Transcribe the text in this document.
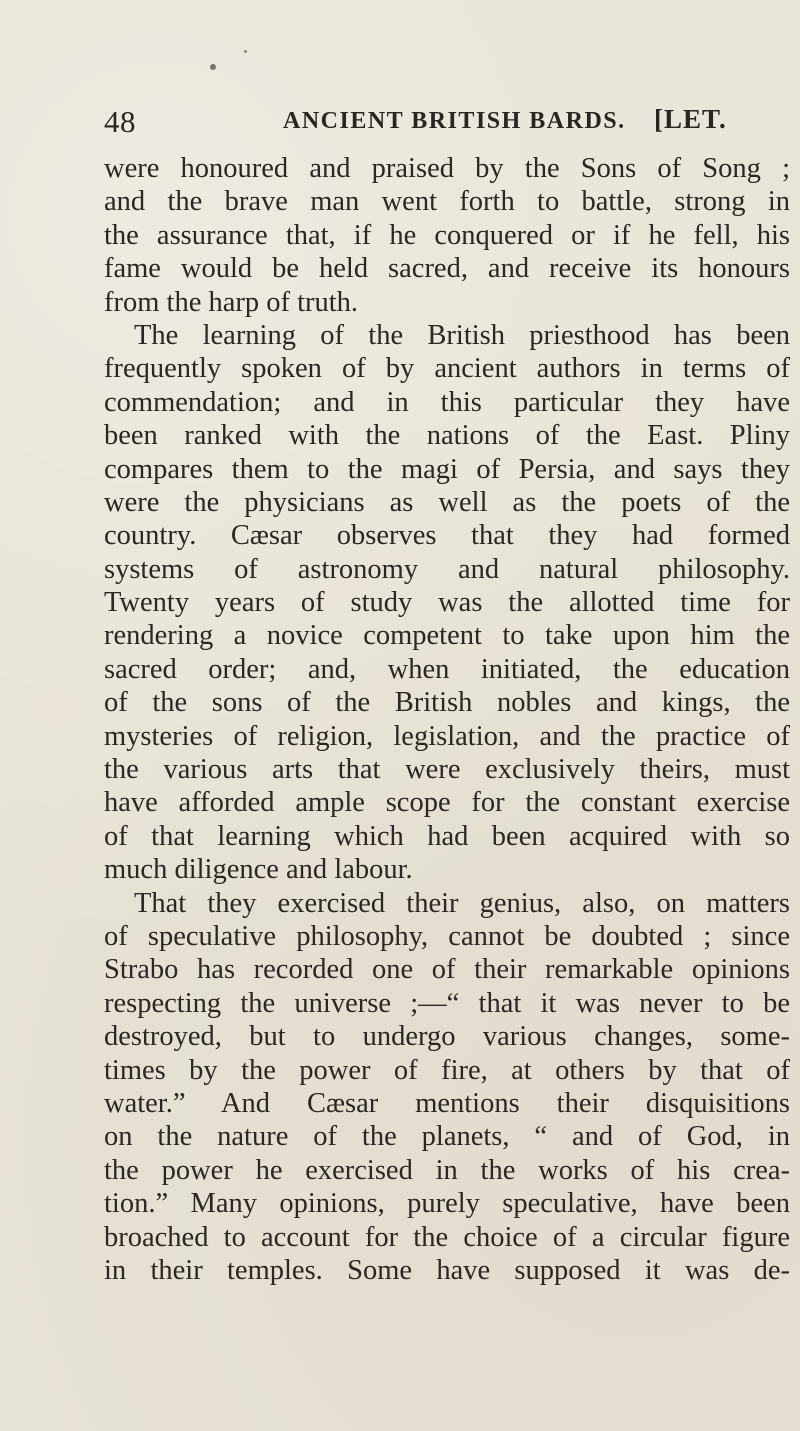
48	ANCIENT BRITISH BARDS. [LET.
were honoured and praised by the Sons of Song ;
and the brave man went forth to battle, strong in
the assurance that, if he conquered or if he fell, his
fame would be held sacred, and receive its honours
from the harp of truth.
The learning of the British priesthood has been
frequently spoken of by ancient authors in terms of
commendation; and in this particular they have
been ranked with the nations of the East. Pliny
compares them to the magi of Persia, and says they
were the physicians as well as the poets of the
country. Cæsar observes that they had formed
systems of astronomy and natural philosophy.
Twenty years of study was the allotted time for
rendering a novice competent to take upon him the
sacred order; and, when initiated, the education
of the sons of the British nobles and kings, the
mysteries of religion, legislation, and the practice of
the various arts that were exclusively theirs, must
have afforded ample scope for the constant exercise
of that learning which had been acquired with so
much diligence and labour.
That they exercised their genius, also, on matters
of speculative philosophy, cannot be doubted ; since
Strabo has recorded one of their remarkable opinions
respecting the universe ;—“ that it was never to be
destroyed, but to undergo various changes, some-
times by the power of fire, at others by that of
water.” And Cæsar mentions their disquisitions
on the nature of the planets, “ and of God, in
the power he exercised in the works of his crea-
tion.” Many opinions, purely speculative, have been
broached to account for the choice of a circular figure
in their temples. Some have supposed it was de-
